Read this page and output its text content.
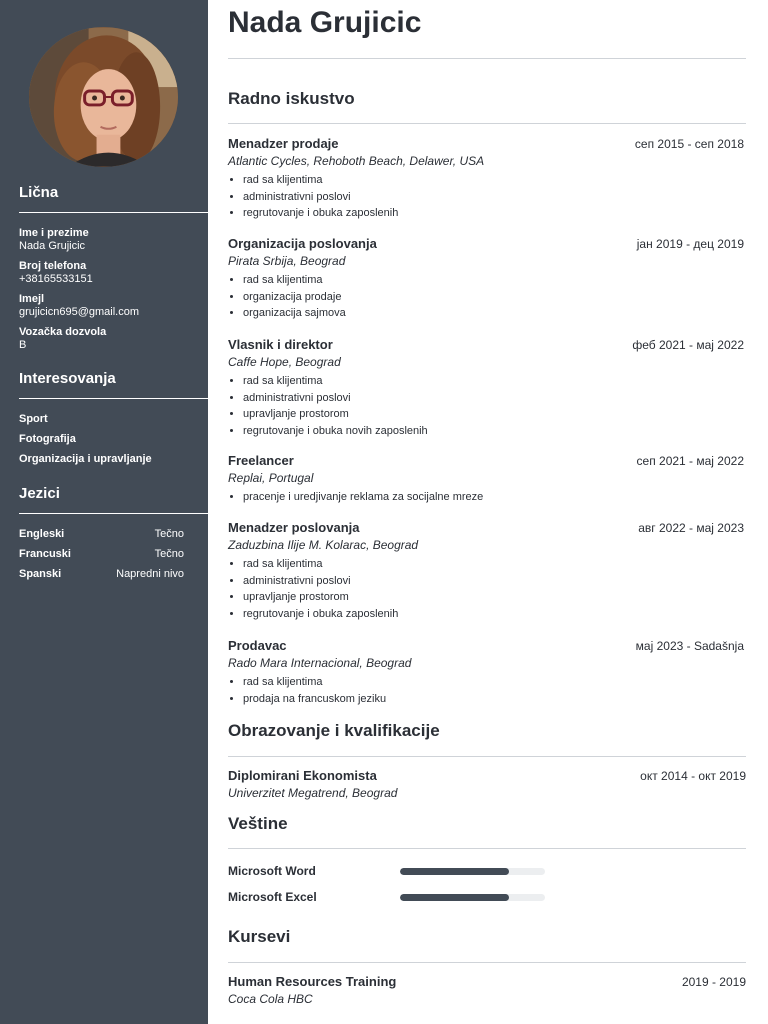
Lična
Ime i prezime
Nada Grujicic
Broj telefona
+38165533151
Imejl
grujicicn695@gmail.com
Vozačka dozvola
B
Interesovanja
Sport
Fotografija
Organizacija i upravljanje
Jezici
Engleski	Tečno
Francuski	Tečno
Spanski	Napredni nivo
Nada Grujicic
Radno iskustvo
Menadzer prodaje	сеп 2015 - сеп 2018
Atlantic Cycles, Rehoboth Beach, Delawer, USA
• rad sa klijentima
• administrativni poslovi
• regrutovanje i obuka zaposlenih
Organizacija poslovanja	јан 2019 - дец 2019
Pirata Srbija, Beograd
• rad sa klijentima
• organizacija prodaje
• organizacija sajmova
Vlasnik i direktor	феб 2021 - мај 2022
Caffe Hope, Beograd
• rad sa klijentima
• administrativni poslovi
• upravljanje prostorom
• regrutovanje i obuka novih zaposlenih
Freelancer	сеп 2021 - мај 2022
Replai, Portugal
• pracenje i uredjivanje reklama za socijalne mreze
Menadzer poslovanja	авг 2022 - мај 2023
Zaduzbina Ilije M. Kolarac, Beograd
• rad sa klijentima
• administrativni poslovi
• upravljanje prostorom
• regrutovanje i obuka zaposlenih
Prodavac	мај 2023 - Sadašnja
Rado Mara Internacional, Beograd
• rad sa klijentima
• prodaja na francuskom jeziku
Obrazovanje i kvalifikacije
Diplomirani Ekonomista	окт 2014 - окт 2019
Univerzitet Megatrend, Beograd
Veštine
Microsoft Word
Microsoft Excel
Kursevi
Human Resources Training	2019 - 2019
Coca Cola HBC
